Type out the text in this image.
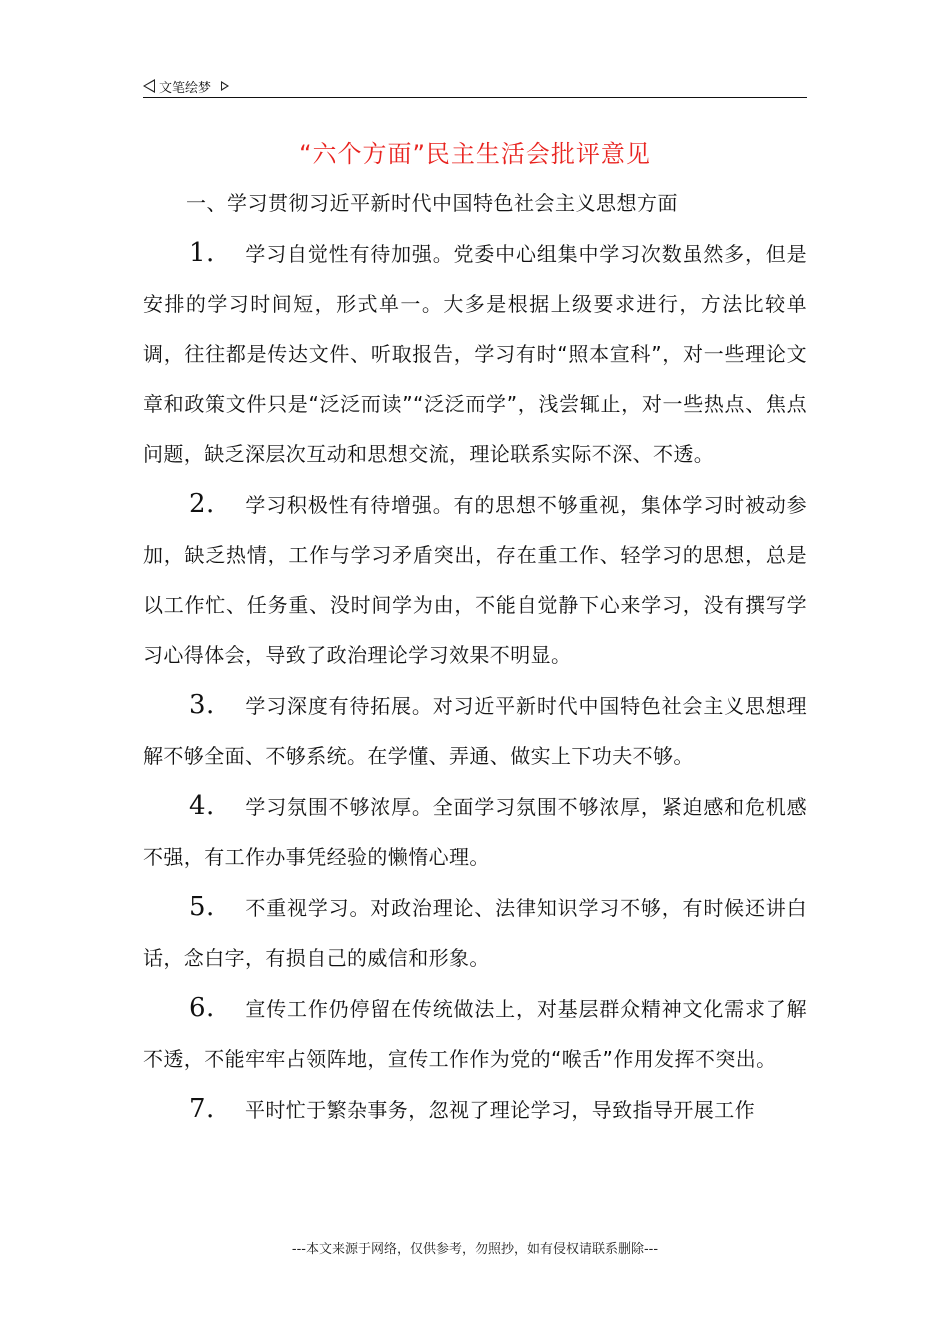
文笔绘梦
“六个方面”民主生活会批评意见
一、学习贯彻习近平新时代中国特色社会主义思想方面

1. 学习自觉性有待加强。党委中心组集中学习次数虽然多，但是安排的学习时间短，形式单一。大多是根据上级要求进行，方法比较单调，往往都是传达文件、听取报告，学习有时“照本宣科”，对一些理论文章和政策文件只是“泛泛而读”“泛泛而学”，浅尝辄止，对一些热点、焦点问题，缺乏深层次互动和思想交流，理论联系实际不深、不透。

2. 学习积极性有待增强。有的思想不够重视，集体学习时被动参加，缺乏热情，工作与学习矛盾突出，存在重工作、轻学习的思想，总是以工作忙、任务重、没时间学为由，不能自觉静下心来学习，没有撰写学习心得体会，导致了政治理论学习效果不明显。

3. 学习深度有待拓展。对习近平新时代中国特色社会主义思想理解不够全面、不够系统。在学懂、弄通、做实上下功夫不够。

4. 学习氛围不够浓厚。全面学习氛围不够浓厚，紧迫感和危机感不强，有工作办事凭经验的懒惰心理。

5. 不重视学习。对政治理论、法律知识学习不够，有时候还讲白话，念白字，有损自己的威信和形象。

6. 宣传工作仍停留在传统做法上，对基层群众精神文化需求了解不透，不能牢牢占领阵地，宣传工作作为党的“喉舌”作用发挥不突出。

7. 平时忙于繁杂事务，忽视了理论学习，导致指导开展工作

---本文来源于网络，仅供参考，勿照抄，如有侵权请联系删除---
